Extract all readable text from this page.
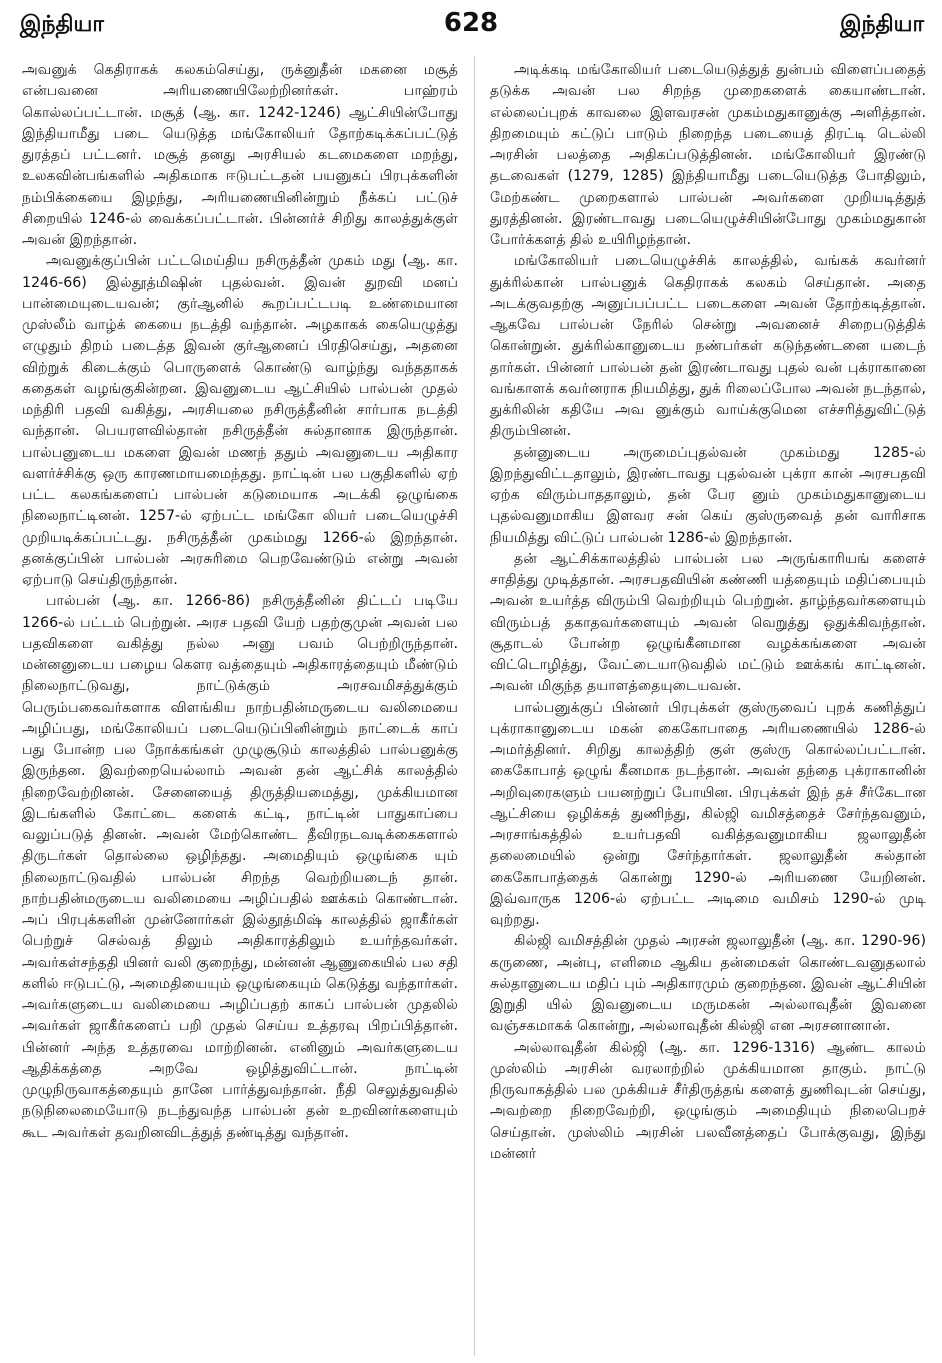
இந்தியா	628	இந்தியா

அவனுக் கெதிராகக் கலகம்செய்து, ருக்னுதீன் மகனை மசூத் என்பவனை அரியணையிலேற்றினர்கள். பாஹ்ரம் கொல்லப்பட்டான். மசூத் (ஆ. கா. 1242-1246) ஆட்சியின்போது இந்தியாமீது படை யெடுத்த மங்கோலியர் தோற்கடிக்கப்பட்டுத் துரத்தப் பட்டனர். மசூத் தனது அரசியல் கடமைகளை மறந்து, உலகவின்பங்களில் அதிகமாக ஈடுபட்டதன் பயனுகப் பிரபுக்களின் நம்பிக்கையை இழந்து, அரியணையினின்றும் நீக்கப் பட்டுச் சிறையில் 1246-ல் வைக்கப்பட்டான். பின்னர்ச் சிறிது காலத்துக்குள் அவன் இறந்தான்.

அவனுக்குப்பின் பட்டமெய்திய நசிருத்தீன் முகம் மது (ஆ. கா. 1246-66) இல்தூத்மிஷின் புதல்வன். இவன் துறவி மனப் பான்மையுடையவன்; குர்ஆனில் கூறப்பட்டபடி உண்மையான முஸ்லீம் வாழ்க் கையை நடத்தி வந்தான். அழகாகக் கையெழுத்து எழுதும் திறம் படைத்த இவன் குர்ஆனைப் பிரதிசெய்து, அதனை விற்றுக் கிடைக்கும் பொருளைக் கொண்டு வாழ்ந்து வந்ததாகக் கதைகள் வழங்குகின்றன. இவனுடைய ஆட்சியில் பால்பன் முதல் மந்திரி பதவி வகித்து, அரசியலை நசிருத்தீனின் சார்பாக நடத்தி வந்தான். பெயரளவில்தான் நசிருத்தீன் சுல்தானாக இருந்தான். பால்பனுடைய மகளை இவன் மணந் ததும் அவனுடைய அதிகார வளர்ச்சிக்கு ஒரு காரணமாயமைந்தது. நாட்டின் பல பகுதிகளில் ஏற் பட்ட கலகங்களைப் பால்பன் கடுமையாக அடக்கி ஒழுங்கை நிலைநாட்டினன். 1257-ல் ஏற்பட்ட மங்கோ லியர் படையெழுச்சி முறியடிக்கப்பட்டது. நசிருத்தீன் முகம்மது 1266-ல் இறந்தான். தனக்குப்பின் பால்பன் அரசுரிமை பெறவேண்டும் என்று அவன் ஏற்பாடு செய்திருந்தான்.

பால்பன் (ஆ. கா. 1266-86) நசிருத்தீனின் திட்டப் படியே 1266-ல் பட்டம் பெற்றுன். அரச பதவி யேற் பதற்குமுன் அவன் பல பதவிகளை வகித்து நல்ல அனு பவம் பெற்றிருந்தான். மன்னனுடைய பழைய கௌர வத்தையும் அதிகாரத்தையும் மீண்டும் நிலைநாட்டுவது, நாட்டுக்கும் அரசவமிசத்துக்கும் பெரும்பகைவர்களாக விளங்கிய நாற்பதின்மருடைய வலிமையை அழிப்பது, மங்கோலியப் படையெடுப்பினின்றும் நாட்டைக் காப் பது போன்ற பல நோக்கங்கள் முழுசூடும் காலத்தில் பால்பனுக்கு இருந்தன. இவற்றையெல்லாம் அவன் தன் ஆட்சிக் காலத்தில் நிறைவேற்றினன். சேனையைத் திருத்தியமைத்து, முக்கியமான இடங்களில் கோட்டை களைக் கட்டி, நாட்டின் பாதுகாப்பை வலுப்படுத் தினன். அவன் மேற்கொண்ட தீவிரநடவடிக்கைகளால் திருடர்கள் தொல்லை ஒழிந்தது. அமைதியும் ஒழுங்கை யும் நிலைநாட்டுவதில் பால்பன் சிறந்த வெற்றியடைந் தான். நாற்பதின்மருடைய வலிமையை அழிப்பதில் ஊக்கம் கொண்டான். அப் பிரபுக்களின் முன்னோர்கள் இல்தூத்மிஷ் காலத்தில் ஜாகீர்கள் பெற்றுச் செல்வத் திலும் அதிகாரத்திலும் உயர்ந்தவர்கள். அவர்கள்சந்ததி யினர் வலி குறைந்து, மன்னன் ஆணுகையில் பல சதி களில் ஈடுபட்டு, அமைதியையும் ஒழுங்கையும் கெடுத்து வந்தார்கள். அவர்களுடைய வலிமையை அழிப்பதற் காகப் பால்பன் முதலில் அவர்கள் ஜாகீர்களைப் பறி முதல் செய்ய உத்தரவு பிறப்பித்தான். பின்னர் அந்த உத்தரவை மாற்றினன். எனினும் அவர்களுடைய ஆதிக்கத்தை அறவே ஒழித்துவிட்டான். நாட்டின் முழுநிருவாகத்தையும் தானே பார்த்துவந்தான். நீதி செலுத்துவதில் நடுநிலைமையோடு நடந்துவந்த பால்பன் தன் உறவினர்களையும் கூட அவர்கள் தவறினவிடத்துத் தண்டித்து வந்தான்.

அடிக்கடி மங்கோலியர் படையெடுத்துத் துன்பம் விளைப்பதைத் தடுக்க அவன் பல சிறந்த முறைகளைக் கையாண்டான். எல்லைப்புறக் காவலை இளவரசன் முகம்மதுகானுக்கு அளித்தான். திறமையும் கட்டுப் பாடும் நிறைந்த படையைத் திரட்டி டெல்லி அரசின் பலத்தை அதிகப்படுத்தினன். மங்கோலியர் இரண்டு தடவைகள் (1279, 1285) இந்தியாமீது படையெடுத்த போதிலும், மேற்கண்ட முறைகளால் பால்பன் அவர்களை முறியடித்துத் துரத்தினன். இரண்டாவது படையெழுச்சியின்போது முகம்மதுகான் போர்க்களத் தில் உயிரிழந்தான்.

மங்கோலியர் படையெழுச்சிக் காலத்தில், வங்கக் கவர்னர் துக்ரில்கான் பால்பனுக் கெதிராகக் கலகம் செய்தான். அதை அடக்குவதற்கு அனுப்பப்பட்ட படைகளை அவன் தோற்கடித்தான். ஆகவே பால்பன் நேரில் சென்று அவனைச் சிறைபடுத்திக் கொன்றுன். துக்ரில்கானுடைய நண்பர்கள் கடுந்தண்டனை யடைந் தார்கள். பின்னர் பால்பன் தன் இரண்டாவது புதல் வன் புக்ராகானை வங்காளக் கவர்னராக நியமித்து, துக் ரிலைப்போல அவன் நடந்தால், துக்ரிலின் கதியே அவ னுக்கும் வாய்க்குமென எச்சரித்துவிட்டுத் திரும்பினன்.

தன்னுடைய அருமைப்புதல்வன் முகம்மது 1285-ல் இறந்துவிட்டதாலும், இரண்டாவது புதல்வன் புக்ரா கான் அரசபதவி ஏற்க விரும்பாததாலும், தன் பேர னும் முகம்மதுகானுடைய புதல்வனுமாகிய இளவர சன் கெய் குஸ்ருவைத் தன் வாரிசாக நியமித்து விட்டுப் பால்பன் 1286-ல் இறந்தான்.

தன் ஆட்சிக்காலத்தில் பால்பன் பல அருங்காரியங் களைச் சாதித்து முடித்தான். அரசபதவியின் கண்ணி யத்தையும் மதிப்பையும் அவன் உயர்த்த விரும்பி வெற்றியும் பெற்றுன். தாழ்ந்தவர்களையும் விரும்பத் தகாதவர்களையும் அவன் வெறுத்து ஒதுக்கிவந்தான். சூதாடல் போன்ற ஒழுங்கீனமான வழக்கங்களை அவன் விட்டொழித்து, வேட்டையாடுவதில் மட்டும் ஊக்கங் காட்டினன். அவன் மிகுந்த தயாளத்தையுடையவன்.

பால்பனுக்குப் பின்னர் பிரபுக்கள் குஸ்ருவைப் புறக் கணித்துப் புக்ராகானுடைய மகன் கைகோபாதை அரியணையில் 1286-ல் அமர்த்தினர். சிறிது காலத்திற் குள் குஸ்ரு கொல்லப்பட்டான். கைகோபாத் ஒழுங் கீனமாக நடந்தான். அவன் தந்தை புக்ராகானின் அறிவுரைகளும் பயனற்றுப் போயின. பிரபுக்கள் இந் தச் சீர்கேடான ஆட்சியை ஒழிக்கத் துணிந்து, கில்ஜி வமிசத்தைச் சேர்ந்தவனும், அரசாங்கத்தில் உயர்பதவி வகித்தவனுமாகிய ஜலாலுதீன் தலைமையில் ஒன்று சேர்ந்தார்கள். ஜலாலுதீன் சுல்தான் கைகோபாத்தைக் கொன்று 1290-ல் அரியணை யேறினன். இவ்வாருக 1206-ல் ஏற்பட்ட அடிமை வமிசம் 1290-ல் முடி வுற்றது.

கில்ஜி வமிசத்தின் முதல் அரசன் ஜலாலுதீன் (ஆ. கா. 1290-96) கருணை, அன்பு, எளிமை ஆகிய தன்மைகள் கொண்டவனுதலால் சுல்தானுடைய மதிப் பும் அதிகாரமும் குறைந்தன. இவன் ஆட்சியின் இறுதி யில் இவனுடைய மருமகன் அல்லாவுதீன் இவனை வஞ்சகமாகக் கொன்று, அல்லாவுதீன் கில்ஜி என அரசனானான்.

அல்லாவுதீன் கில்ஜி (ஆ. கா. 1296-1316) ஆண்ட காலம் முஸ்லிம் அரசின் வரலாற்றில் முக்கியமான தாகும். நாட்டு நிருவாகத்தில் பல முக்கியச் சீர்திருத்தங் களைத் துணிவுடன் செய்து, அவற்றை நிறைவேற்றி, ஒழுங்கும் அமைதியும் நிலைபெறச் செய்தான். முஸ்லிம் அரசின் பலவீனத்தைப் போக்குவது, இந்து மன்னர்
